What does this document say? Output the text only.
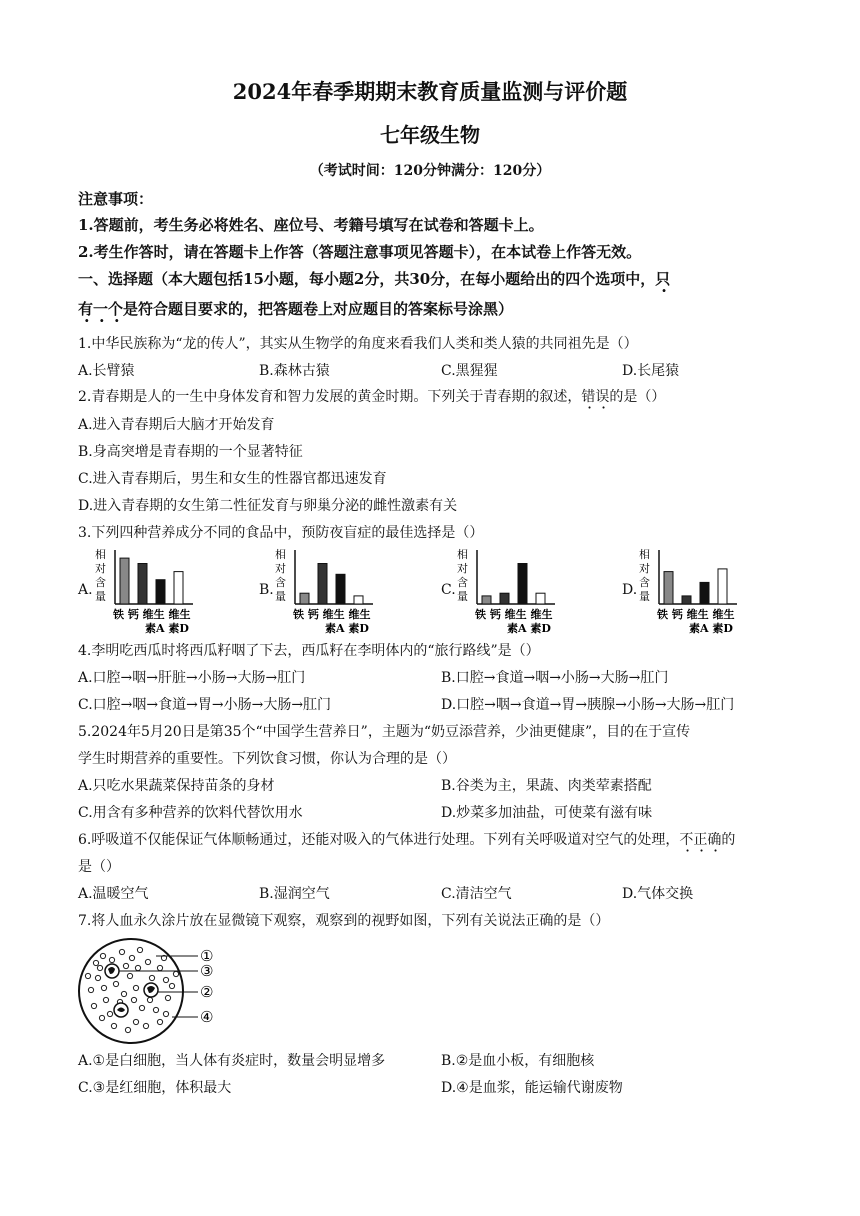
2024年春季期期末教育质量监测与评价题
七年级生物
（考试时间：120分钟满分：120分）
注意事项：
1.答题前，考生务必将姓名、座位号、考籍号填写在试卷和答题卡上。
2.考生作答时，请在答题卡上作答（答题注意事项见答题卡），在本试卷上作答无效。
一、选择题（本大题包括15小题，每小题2分，共30分，在每小题给出的四个选项中，只
有一个是符合题目要求的，把答题卷上对应题目的答案标号涂黑）
1.中华民族称为“龙的传人”，其实从生物学的角度来看我们人类和类人猿的共同祖先是（）
A.长臂猿	B.森林古猿	C.黑猩猩	D.长尾猿
2.青春期是人的一生中身体发育和智力发展的黄金时期。下列关于青春期的叙述，错误的是（）
A.进入青春期后大脑才开始发育
B.身高突增是青春期的一个显著特征
C.进入青春期后，男生和女生的性器官都迅速发育
D.进入青春期的女生第二性征发育与卵巢分泌的雌性激素有关
3.下列四种营养成分不同的食品中，预防夜盲症的最佳选择是（）
A.	B.	C.	D.
相
对
含
量
铁 钙 维生 维生
素A 素D
相
对
含
量
铁 钙 维生 维生
素A 素D
相
对
含
量
铁 钙 维生 维生
素A 素D
相
对
含
量
铁 钙 维生 维生
素A 素D
4.李明吃西瓜时将西瓜籽咽了下去，西瓜籽在李明体内的“旅行路线”是（）
A.口腔→咽→肝脏→小肠→大肠→肛门	B.口腔→食道→咽→小肠→大肠→肛门
C.口腔→咽→食道→胃→小肠→大肠→肛门	D.口腔→咽→食道→胃→胰腺→小肠→大肠→肛门
5.2024年5月20日是第35个“中国学生营养日”，主题为“奶豆添营养，少油更健康”，目的在于宣传
学生时期营养的重要性。下列饮食习惯，你认为合理的是（）
A.只吃水果蔬菜保持苗条的身材	B.谷类为主，果蔬、肉类荤素搭配
C.用含有多种营养的饮料代替饮用水	D.炒菜多加油盐，可使菜有滋有味
6.呼吸道不仅能保证气体顺畅通过，还能对吸入的气体进行处理。下列有关呼吸道对空气的处理，不正确的
是（）
A.温暖空气	B.湿润空气	C.清洁空气	D.气体交换
7.将人血永久涂片放在显微镜下观察，观察到的视野如图，下列有关说法正确的是（）
①
③
②
④
A.①是白细胞，当人体有炎症时，数量会明显增多	B.②是血小板，有细胞核
C.③是红细胞，体积最大	D.④是血浆，能运输代谢废物
